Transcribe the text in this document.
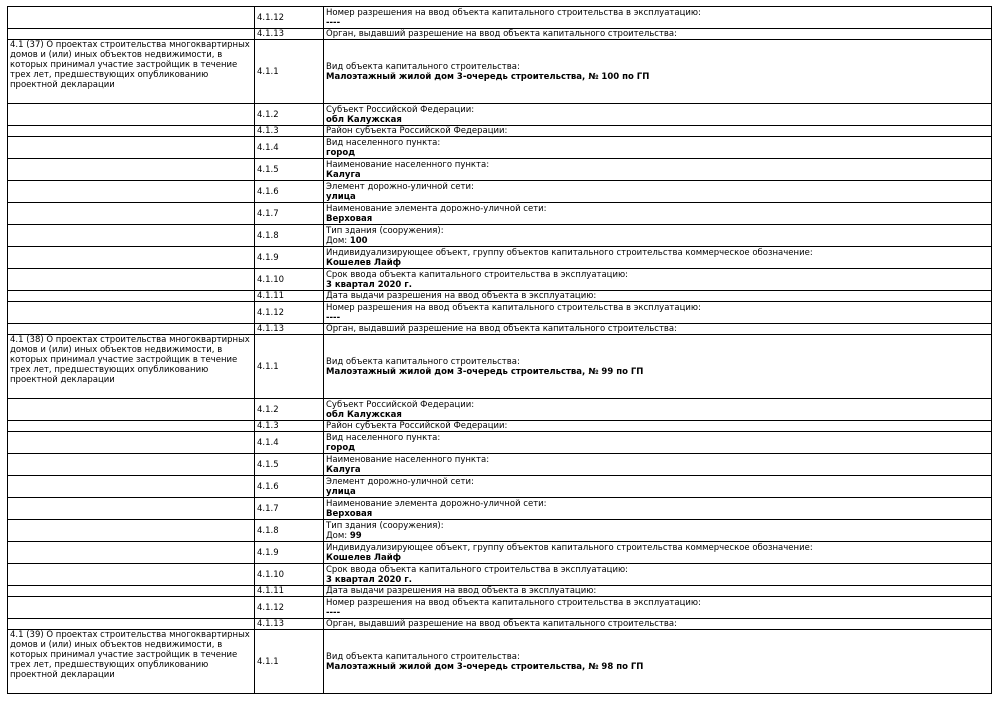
	4.1.12	Номер разрешения на ввод объекта капитального строительства в эксплуатацию:
----

	4.1.13	Орган, выдавший разрешение на ввод объекта капитального строительства:

4.1 (37) О проектах строительства многоквартирных домов и (или) иных объектов недвижимости, в которых принимал участие застройщик в течение трех лет, предшествующих опубликованию проектной декларации	4.1.1	Вид объекта капитального строительства:
Малоэтажный жилой дом 3-очередь строительства, № 100 по ГП

	4.1.2	Субъект Российской Федерации:
обл Калужская

	4.1.3	Район субъекта Российской Федерации:

	4.1.4	Вид населенного пункта:
город

	4.1.5	Наименование населенного пункта:
Калуга

	4.1.6	Элемент дорожно-уличной сети:
улица

	4.1.7	Наименование элемента дорожно-уличной сети:
Верховая

	4.1.8	Тип здания (сооружения):
Дом: 100

	4.1.9	Индивидуализирующее объект, группу объектов капитального строительства коммерческое обозначение:
Кошелев Лайф

	4.1.10	Срок ввода объекта капитального строительства в эксплуатацию:
3 квартал 2020 г.

	4.1.11	Дата выдачи разрешения на ввод объекта в эксплуатацию:

	4.1.12	Номер разрешения на ввод объекта капитального строительства в эксплуатацию:
----

	4.1.13	Орган, выдавший разрешение на ввод объекта капитального строительства:

4.1 (38) О проектах строительства многоквартирных домов и (или) иных объектов недвижимости, в которых принимал участие застройщик в течение трех лет, предшествующих опубликованию проектной декларации	4.1.1	Вид объекта капитального строительства:
Малоэтажный жилой дом 3-очередь строительства, № 99 по ГП

	4.1.2	Субъект Российской Федерации:
обл Калужская

	4.1.3	Район субъекта Российской Федерации:

	4.1.4	Вид населенного пункта:
город

	4.1.5	Наименование населенного пункта:
Калуга

	4.1.6	Элемент дорожно-уличной сети:
улица

	4.1.7	Наименование элемента дорожно-уличной сети:
Верховая

	4.1.8	Тип здания (сооружения):
Дом: 99

	4.1.9	Индивидуализирующее объект, группу объектов капитального строительства коммерческое обозначение:
Кошелев Лайф

	4.1.10	Срок ввода объекта капитального строительства в эксплуатацию:
3 квартал 2020 г.

	4.1.11	Дата выдачи разрешения на ввод объекта в эксплуатацию:

	4.1.12	Номер разрешения на ввод объекта капитального строительства в эксплуатацию:
----

	4.1.13	Орган, выдавший разрешение на ввод объекта капитального строительства:

4.1 (39) О проектах строительства многоквартирных домов и (или) иных объектов недвижимости, в которых принимал участие застройщик в течение трех лет, предшествующих опубликованию проектной декларации	4.1.1	Вид объекта капитального строительства:
Малоэтажный жилой дом 3-очередь строительства, № 98 по ГП
